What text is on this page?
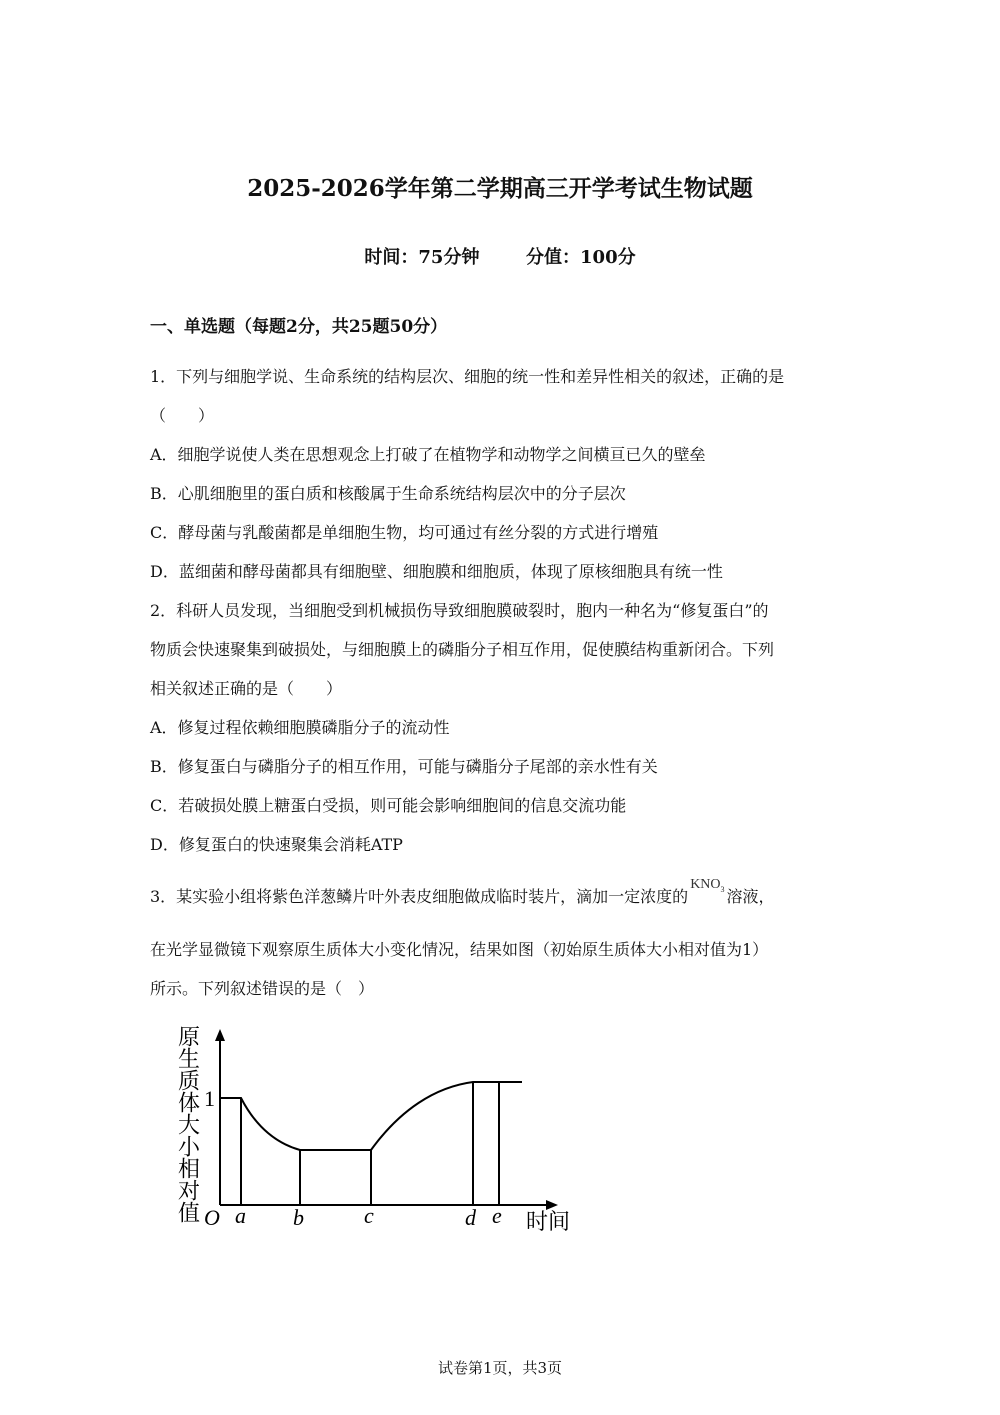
2025-2026学年第二学期高三开学考试生物试题
时间：75分钟	分值：100分
一、单选题（每题2分，共25题50分）
1．下列与细胞学说、生命系统的结构层次、细胞的统一性和差异性相关的叙述，正确的是
（　　）
A．细胞学说使人类在思想观念上打破了在植物学和动物学之间横亘已久的壁垒
B．心肌细胞里的蛋白质和核酸属于生命系统结构层次中的分子层次
C．酵母菌与乳酸菌都是单细胞生物，均可通过有丝分裂的方式进行增殖
D．蓝细菌和酵母菌都具有细胞壁、细胞膜和细胞质，体现了原核细胞具有统一性
2．科研人员发现，当细胞受到机械损伤导致细胞膜破裂时，胞内一种名为“修复蛋白”的
物质会快速聚集到破损处，与细胞膜上的磷脂分子相互作用，促使膜结构重新闭合。下列
相关叙述正确的是（　　）
A．修复过程依赖细胞膜磷脂分子的流动性
B．修复蛋白与磷脂分子的相互作用，可能与磷脂分子尾部的亲水性有关
C．若破损处膜上糖蛋白受损，则可能会影响细胞间的信息交流功能
D．修复蛋白的快速聚集会消耗ATP
3．某实验小组将紫色洋葱鳞片叶外表皮细胞做成临时装片，滴加一定浓度的$KNO_3$ 溶液，
在光学显微镜下观察原生质体大小变化情况，结果如图（初始原生质体大小相对值为1）
所示。下列叙述错误的是（　）
原生质体大小相对值 1
O a b	c	d e 时间
试卷第1页，共3页
